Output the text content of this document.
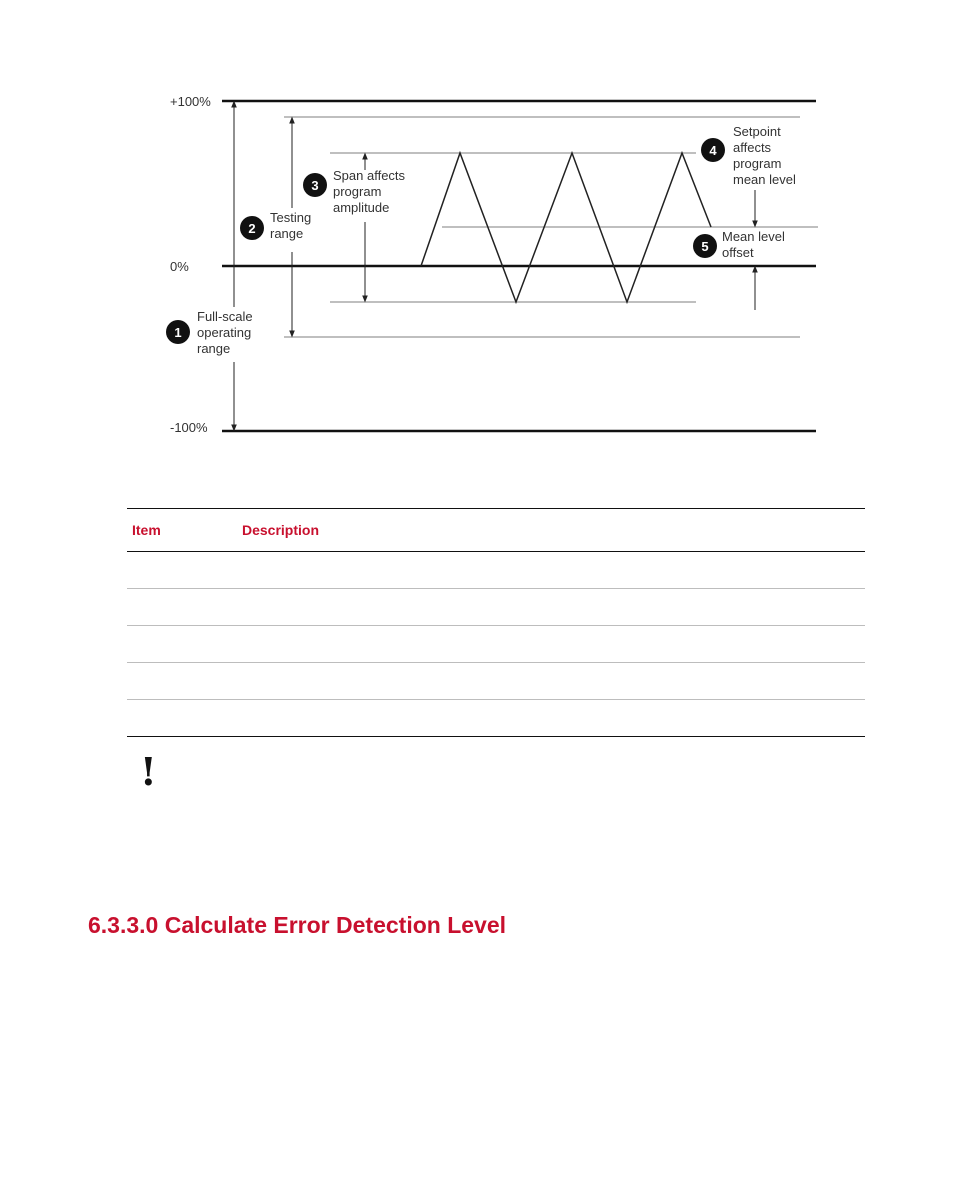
+100%
0%
-100%
1
Full-scale operating range
2
Testing range
3
Span affects program amplitude
4
Setpoint affects program mean level
5
Mean level offset
Item	Description

!
6.3.3.0 Calculate Error Detection Level
